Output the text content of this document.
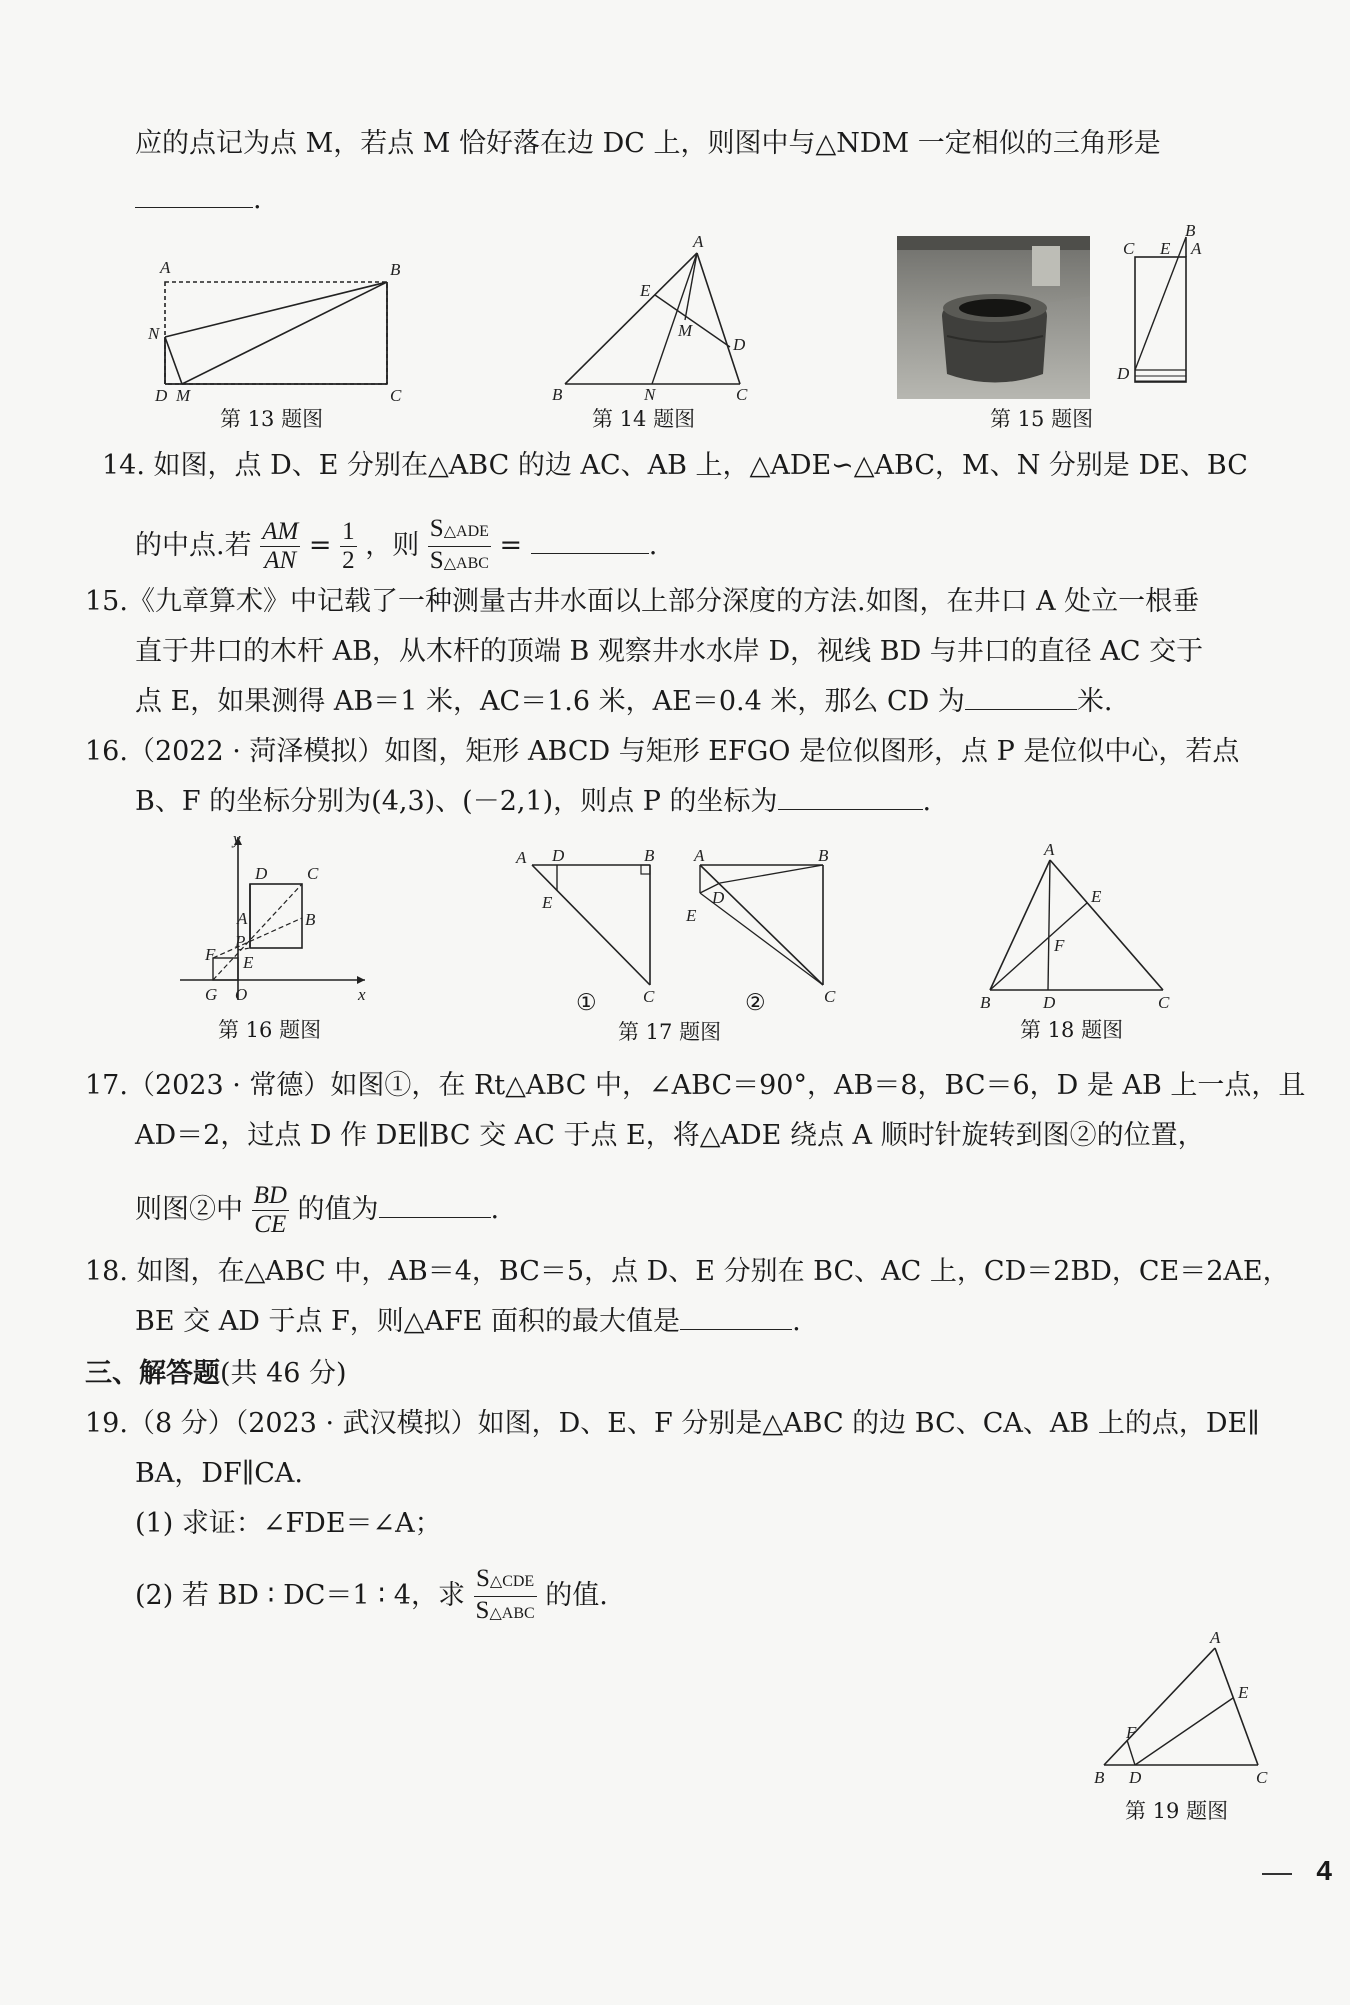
应的点记为点 M，若点 M 恰好落在边 DC 上，则图中与△NDM 一定相似的三角形是
.
A	B
N
D M	C
第 13 题图
A
E
M
D
B	N	C
第 14 题图
B
C E A
D
第 15 题图
14. 如图，点 D、E 分别在△ABC 的边 AC、AB 上，△ADE∽△ABC，M、N 分别是 DE、BC
的中点.若 $\frac{AM}{AN} = \frac{1}{2}$ ，则 $\frac{\text{S△ADE}}{\text{S△ABC}}$ =	.
15.《九章算术》中记载了一种测量古井水面以上部分深度的方法.如图，在井口 A 处立一根垂
直于井口的木杆 AB，从木杆的顶端 B 观察井水水岸 D，视线 BD 与井口的直径 AC 交于
点 E，如果测得 AB＝1 米，AC＝1.6 米，AE＝0.4 米，那么 CD 为	米.
16.（2022 · 菏泽模拟）如图，矩形 ABCD 与矩形 EFGO 是位似图形，点 P 是位似中心，若点
B、F 的坐标分别为(4,3)、(－2,1)，则点 P 的坐标为	.
y
D C
A	B
P
F E
G O	x
第 16 题图
A D	B
E
C
①
A	B
D
E
C
②
第 17 题图
A
E
F
B	D	C
第 18 题图
17.（2023 · 常德）如图①，在 Rt△ABC 中，∠ABC＝90°，AB＝8，BC＝6，D 是 AB 上一点，且
AD＝2，过点 D 作 DE∥BC 交 AC 于点 E，将△ADE 绕点 A 顺时针旋转到图②的位置，
则图②中 $\frac{BD}{CE}$ 的值为	.
18. 如图，在△ABC 中，AB＝4，BC＝5，点 D、E 分别在 BC、AC 上，CD＝2BD，CE＝2AE，
BE 交 AD 于点 F，则△AFE 面积的最大值是	.
三、解答题(共 46 分)
19.（8 分）（2023 · 武汉模拟）如图，D、E、F 分别是△ABC 的边 BC、CA、AB 上的点，DE∥
BA，DF∥CA.
(1) 求证：∠FDE＝∠A；
(2) 若 BD ∶ DC＝1 ∶ 4，求 $\frac{\text{S△CDE}}{\text{S△ABC}}$ 的值.
A
E
F
B D	C
第 19 题图
4
